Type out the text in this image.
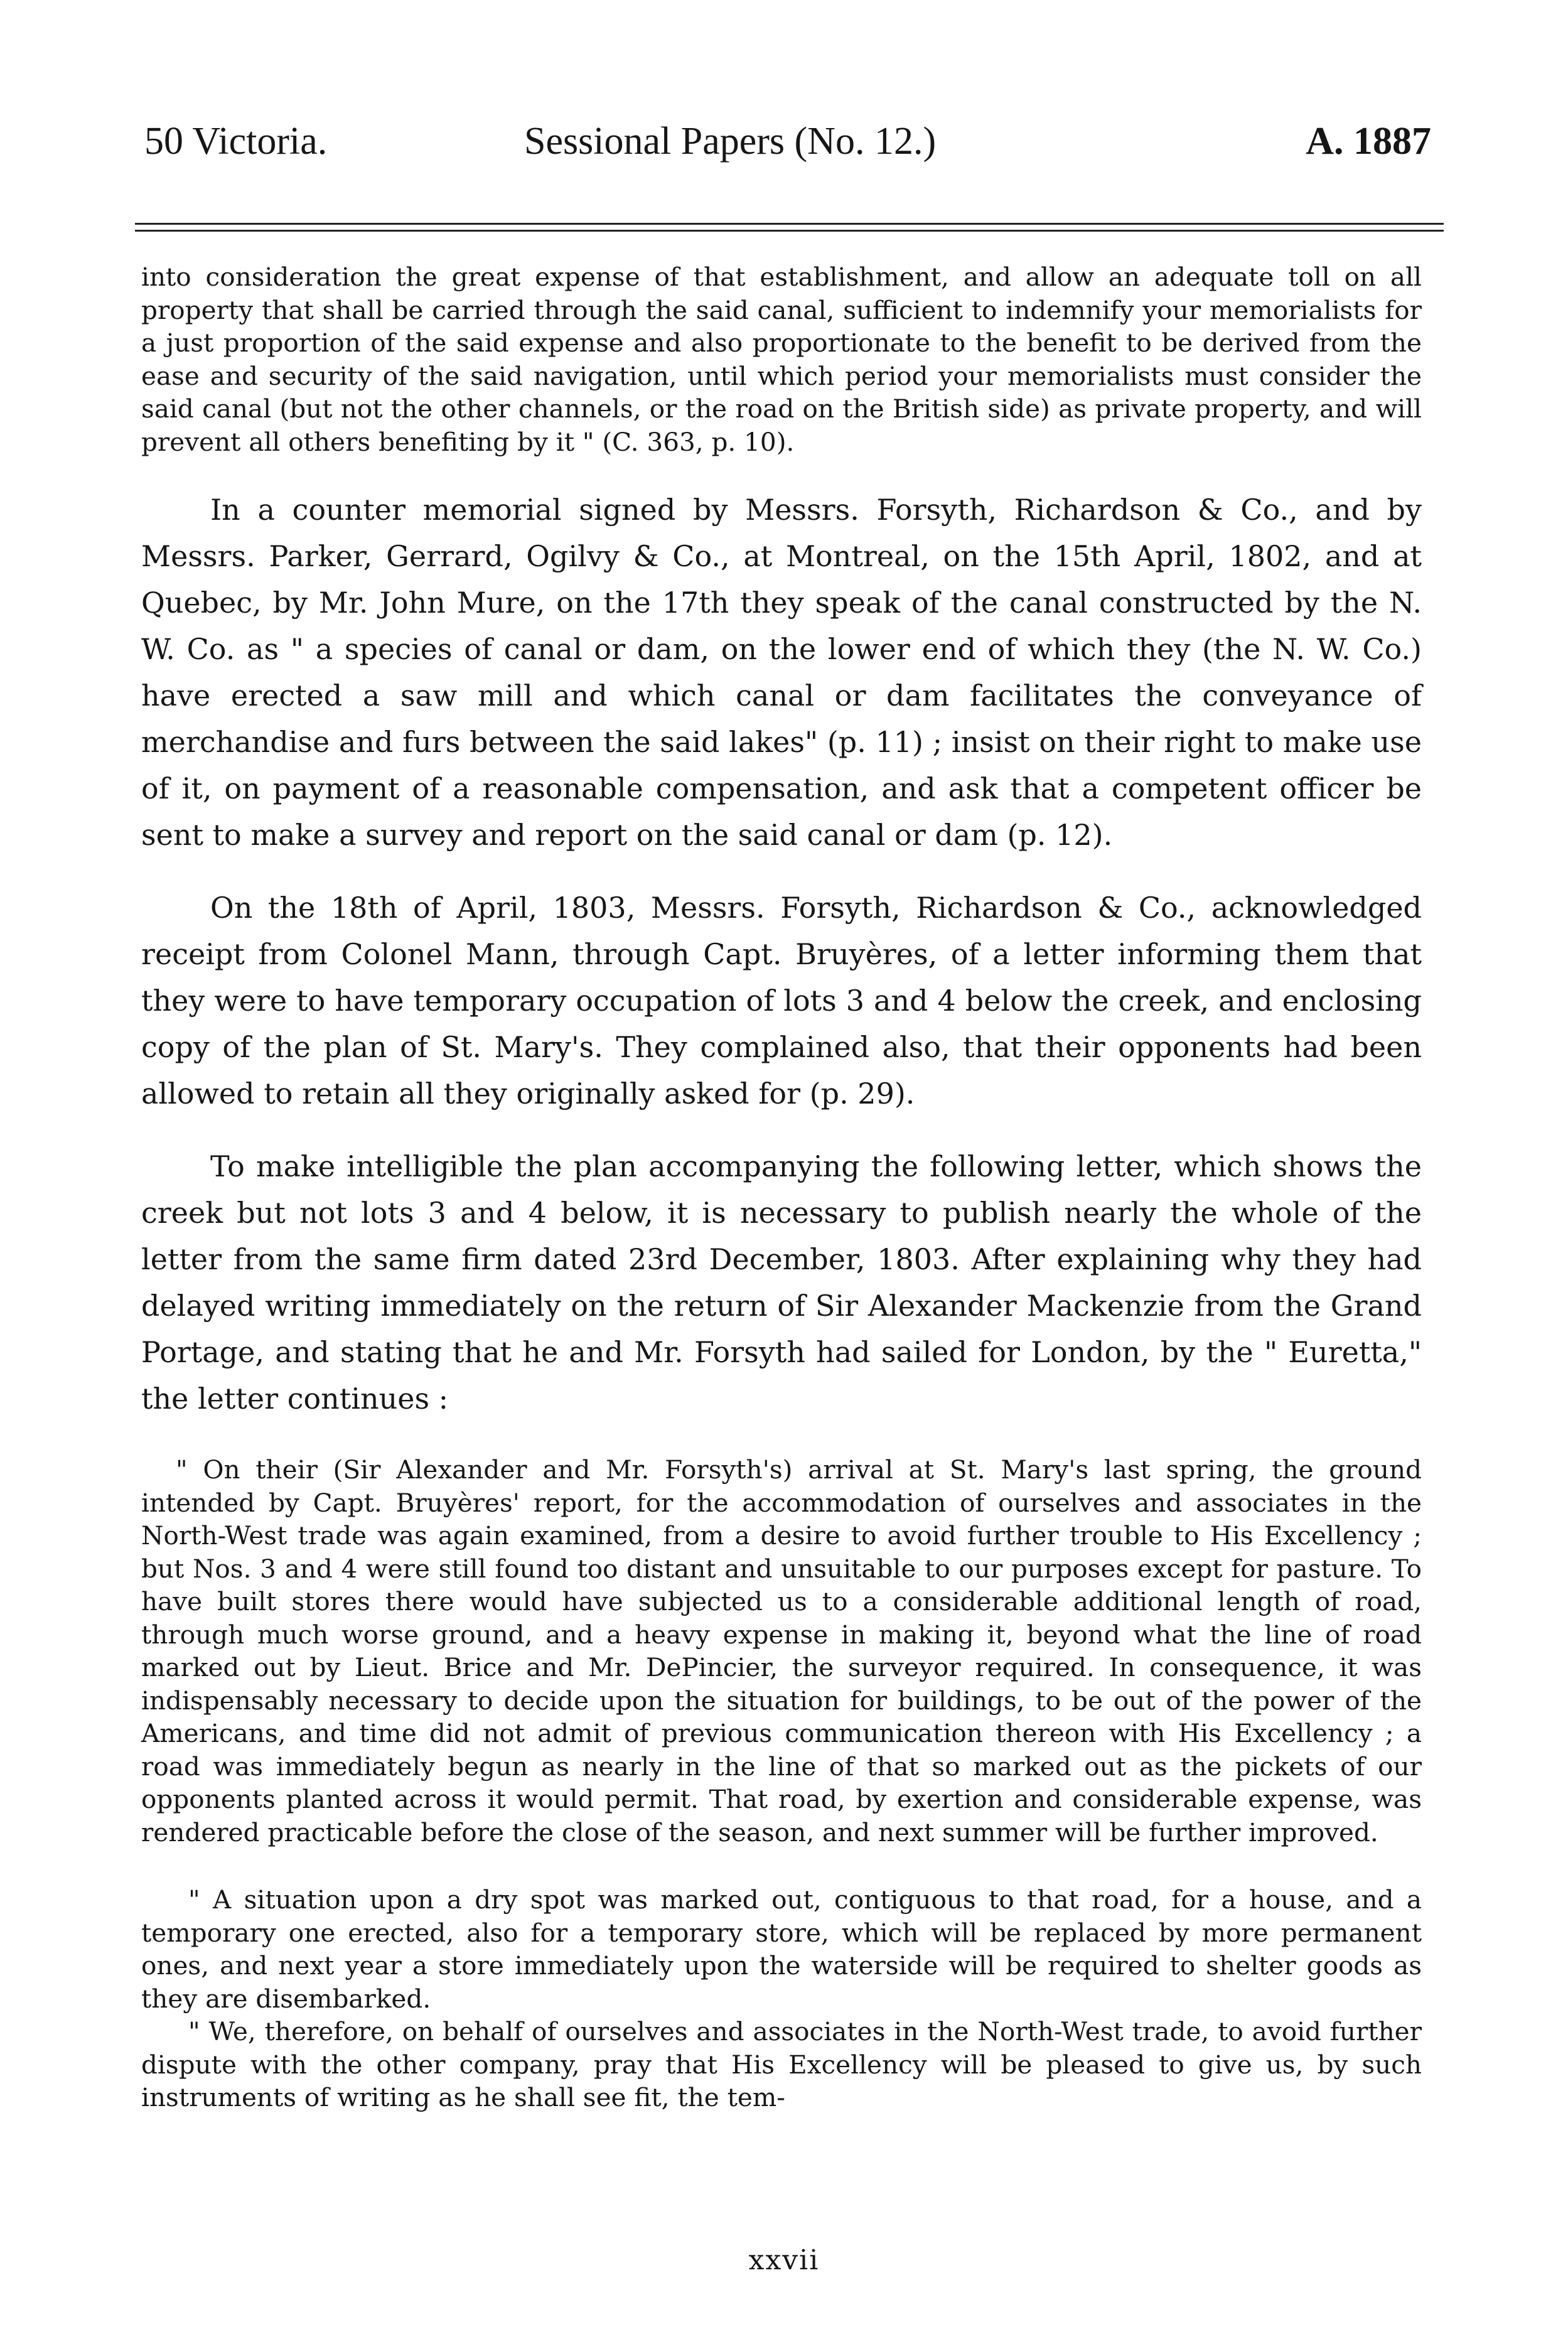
50 Victoria.	Sessional Papers (No. 12.)	A. 1887

into consideration the great expense of that establishment, and allow an adequate toll on all property that shall be carried through the said canal, sufficient to indemnify your memorialists for a just proportion of the said expense and also proportionate to the benefit to be derived from the ease and security of the said navigation, until which period your memorialists must consider the said canal (but not the other channels, or the road on the British side) as private property, and will prevent all others benefiting by it " (C. 363, p. 10).

In a counter memorial signed by Messrs. Forsyth, Richardson & Co., and by Messrs. Parker, Gerrard, Ogilvy & Co., at Montreal, on the 15th April, 1802, and at Quebec, by Mr. John Mure, on the 17th they speak of the canal constructed by the N. W. Co. as " a species of canal or dam, on the lower end of which they (the N. W. Co.) have erected a saw mill and which canal or dam facilitates the conveyance of merchandise and furs between the said lakes" (p. 11) ; insist on their right to make use of it, on payment of a reasonable compensation, and ask that a competent officer be sent to make a survey and report on the said canal or dam (p. 12).

On the 18th of April, 1803, Messrs. Forsyth, Richardson & Co., acknowledged receipt from Colonel Mann, through Capt. Bruyères, of a letter informing them that they were to have temporary occupation of lots 3 and 4 below the creek, and enclosing copy of the plan of St. Mary's. They complained also, that their opponents had been allowed to retain all they originally asked for (p. 29).

To make intelligible the plan accompanying the following letter, which shows the creek but not lots 3 and 4 below, it is necessary to publish nearly the whole of the letter from the same firm dated 23rd December, 1803. After explaining why they had delayed writing immediately on the return of Sir Alexander Mackenzie from the Grand Portage, and stating that he and Mr. Forsyth had sailed for London, by the " Euretta," the letter continues :

" On their (Sir Alexander and Mr. Forsyth's) arrival at St. Mary's last spring, the ground intended by Capt. Bruyères' report, for the accommodation of ourselves and associates in the North-West trade was again examined, from a desire to avoid further trouble to His Excellency ; but Nos. 3 and 4 were still found too distant and unsuitable to our purposes except for pasture. To have built stores there would have subjected us to a considerable additional length of road, through much worse ground, and a heavy expense in making it, beyond what the line of road marked out by Lieut. Brice and Mr. DePincier, the surveyor required. In consequence, it was indispensably necessary to decide upon the situation for buildings, to be out of the power of the Americans, and time did not admit of previous communication thereon with His Excellency ; a road was immediately begun as nearly in the line of that so marked out as the pickets of our opponents planted across it would permit. That road, by exertion and considerable expense, was rendered practicable before the close of the season, and next summer will be further improved.

" A situation upon a dry spot was marked out, contiguous to that road, for a house, and a temporary one erected, also for a temporary store, which will be replaced by more permanent ones, and next year a store immediately upon the waterside will be required to shelter goods as they are disembarked.

" We, therefore, on behalf of ourselves and associates in the North-West trade, to avoid further dispute with the other company, pray that His Excellency will be pleased to give us, by such instruments of writing as he shall see fit, the tem-

xxvii
